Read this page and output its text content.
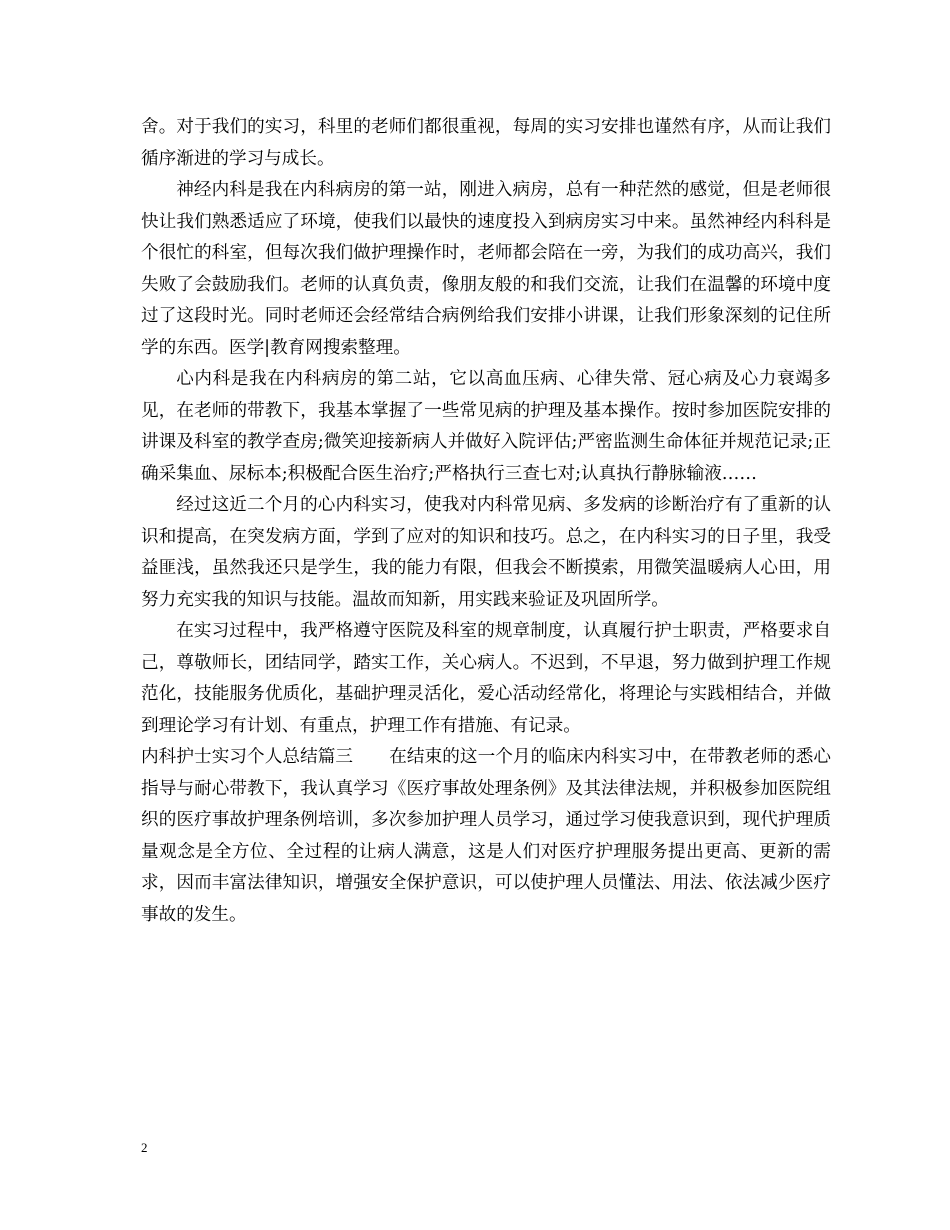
舍。对于我们的实习，科里的老师们都很重视，每周的实习安排也谨然有序，从而让我们循序渐进的学习与成长。

神经内科是我在内科病房的第一站，刚进入病房，总有一种茫然的感觉，但是老师很快让我们熟悉适应了环境，使我们以最快的速度投入到病房实习中来。虽然神经内科科是个很忙的科室，但每次我们做护理操作时，老师都会陪在一旁，为我们的成功高兴，我们失败了会鼓励我们。老师的认真负责，像朋友般的和我们交流，让我们在温馨的环境中度过了这段时光。同时老师还会经常结合病例给我们安排小讲课，让我们形象深刻的记住所学的东西。医学|教育网搜索整理。

心内科是我在内科病房的第二站，它以高血压病、心律失常、冠心病及心力衰竭多见，在老师的带教下，我基本掌握了一些常见病的护理及基本操作。按时参加医院安排的讲课及科室的教学查房;微笑迎接新病人并做好入院评估;严密监测生命体征并规范记录;正确采集血、尿标本;积极配合医生治疗;严格执行三查七对;认真执行静脉输液……

经过这近二个月的心内科实习，使我对内科常见病、多发病的诊断治疗有了重新的认识和提高，在突发病方面，学到了应对的知识和技巧。总之，在内科实习的日子里，我受益匪浅，虽然我还只是学生，我的能力有限，但我会不断摸索，用微笑温暖病人心田，用努力充实我的知识与技能。温故而知新，用实践来验证及巩固所学。

在实习过程中，我严格遵守医院及科室的规章制度，认真履行护士职责，严格要求自己，尊敬师长，团结同学，踏实工作，关心病人。不迟到，不早退，努力做到护理工作规范化，技能服务优质化，基础护理灵活化，爱心活动经常化，将理论与实践相结合，并做到理论学习有计划、有重点，护理工作有措施、有记录。

内科护士实习个人总结篇三 在结束的这一个月的临床内科实习中，在带教老师的悉心指导与耐心带教下，我认真学习《医疗事故处理条例》及其法律法规，并积极参加医院组织的医疗事故护理条例培训，多次参加护理人员学习，通过学习使我意识到，现代护理质量观念是全方位、全过程的让病人满意，这是人们对医疗护理服务提出更高、更新的需求，因而丰富法律知识，增强安全保护意识，可以使护理人员懂法、用法、依法减少医疗事故的发生。

2
